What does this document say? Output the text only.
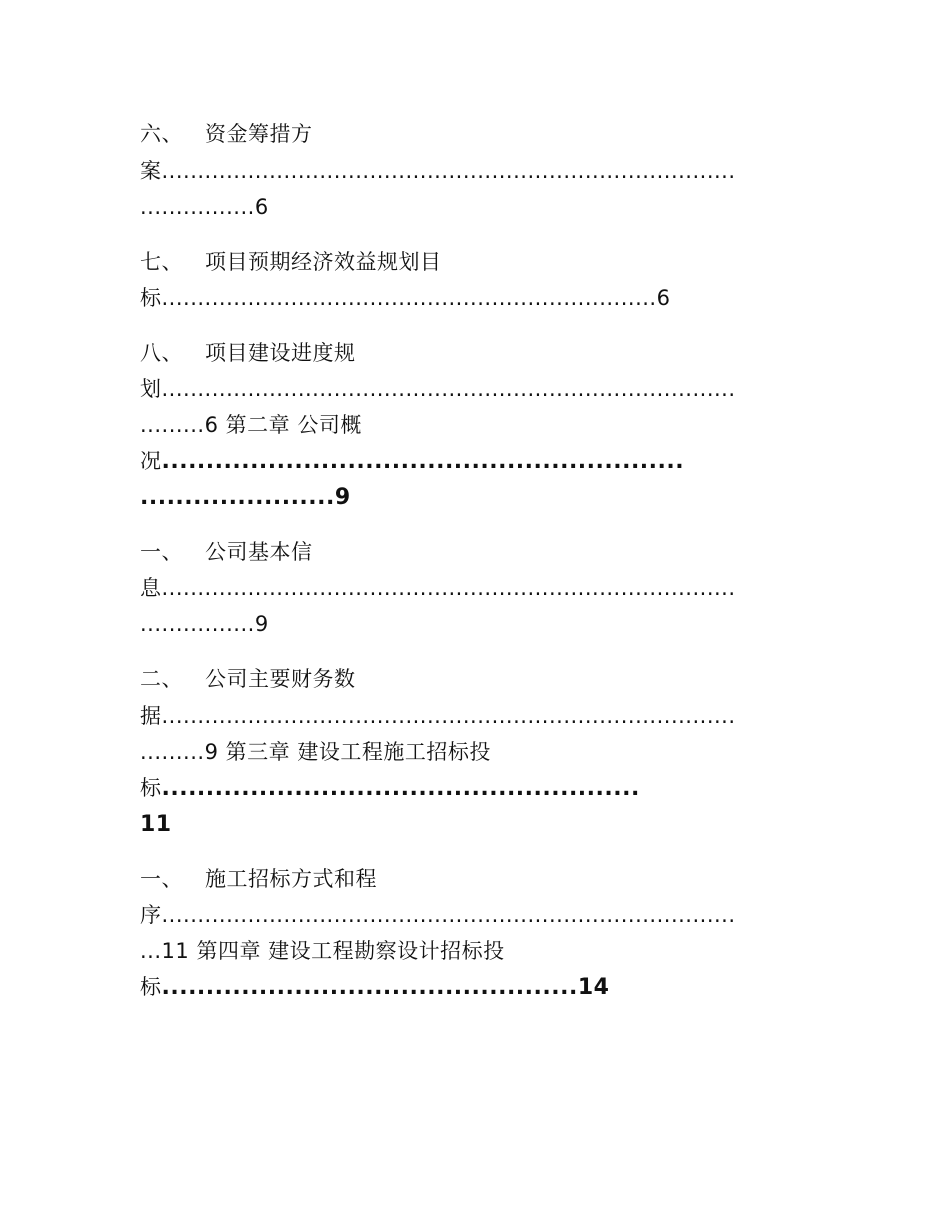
六、 资金筹措方
案................................................................................
................6
七、 项目预期经济效益规划目
标.....................................................................6
八、 项目建设进度规
划................................................................................
.........6 第二章 公司概
况...........................................................
......................9
一、 公司基本信
息................................................................................
................9
二、 公司主要财务数
据................................................................................
.........9 第三章 建设工程施工招标投
标......................................................
11
一、 施工招标方式和程
序................................................................................
...11 第四章 建设工程勘察设计招标投
标...............................................14
